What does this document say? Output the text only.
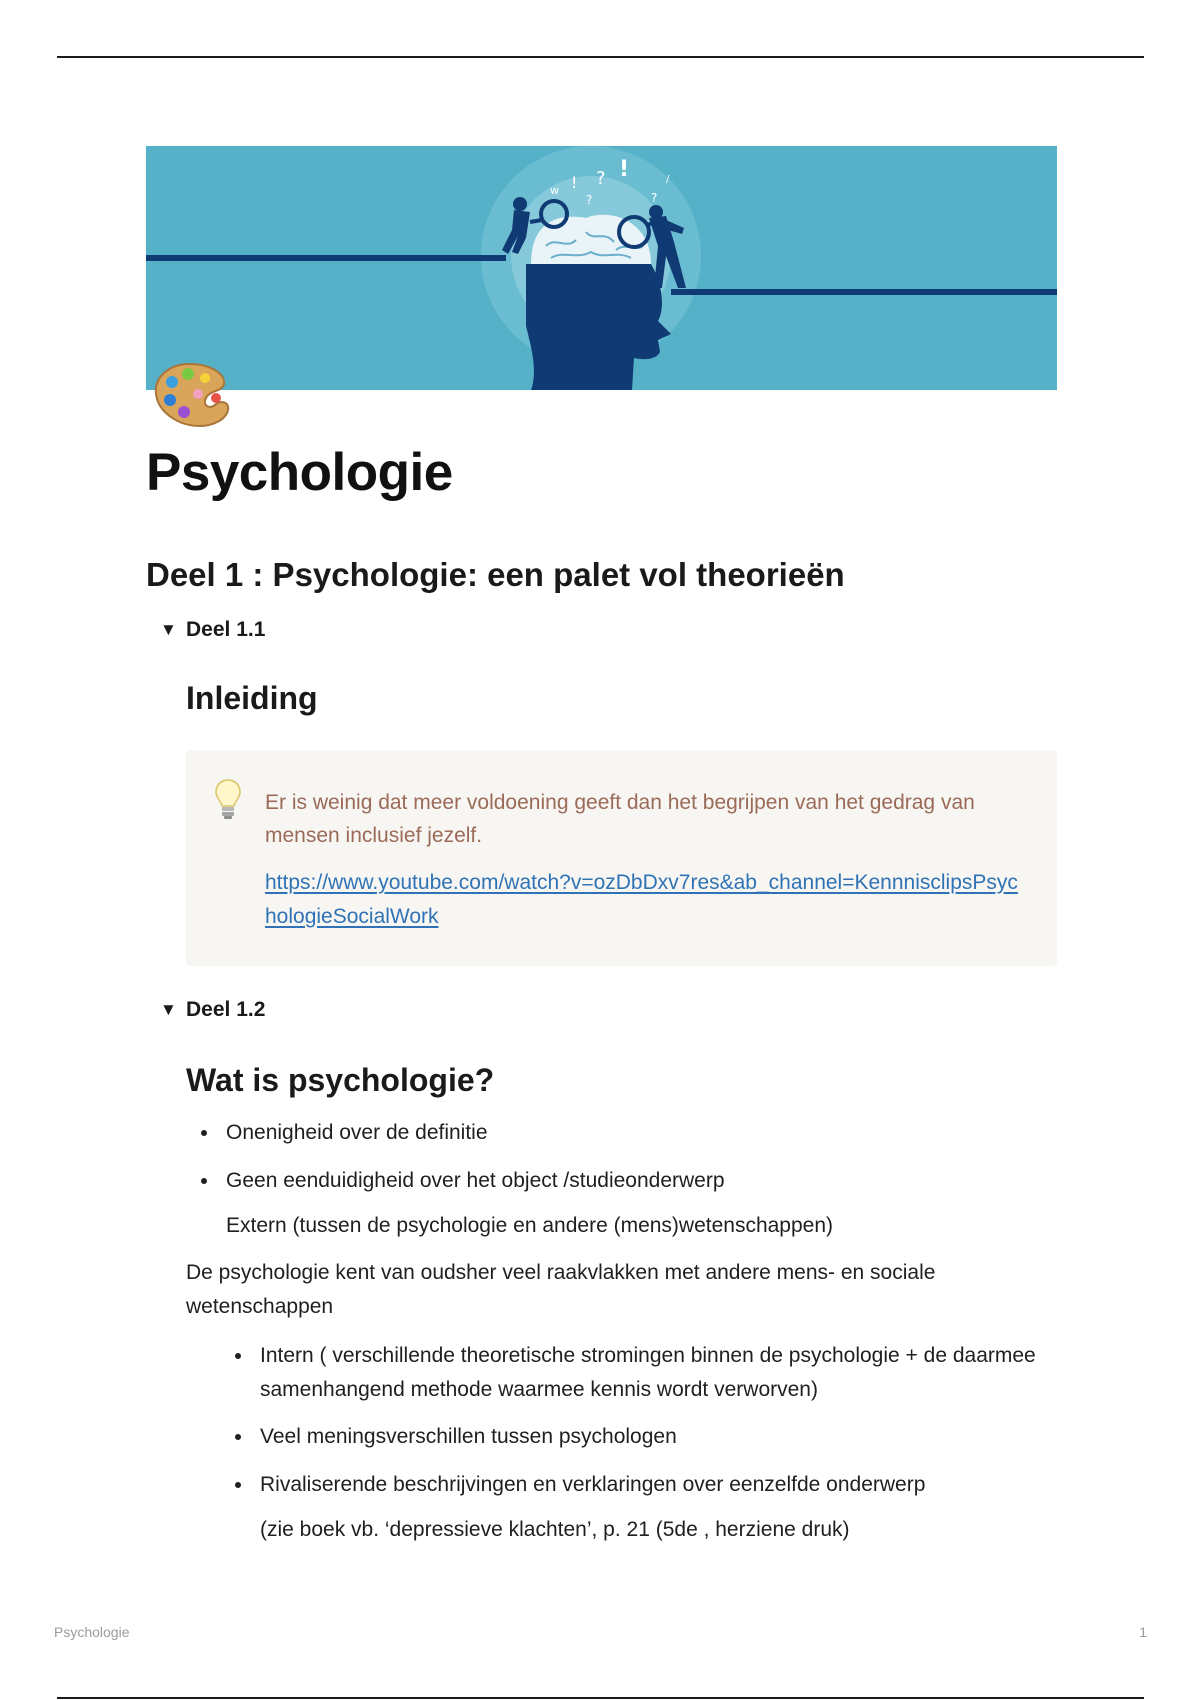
? !
!
w
?
?
/
Psychologie
Deel 1 : Psychologie: een palet vol theorieën
▼ Deel 1.1
Inleiding
Er is weinig dat meer voldoening geeft dan het begrijpen van het gedrag van mensen inclusief jezelf.
https://www.youtube.com/watch?v=ozDbDxv7res&ab_channel=KennnisclipsPsychologieSocialWork
▼ Deel 1.2
Wat is psychologie?
Onenigheid over de definitie
Geen eenduidigheid over het object /studieonderwerp
Extern (tussen de psychologie en andere (mens)wetenschappen)
De psychologie kent van oudsher veel raakvlakken met andere mens- en sociale wetenschappen
Intern ( verschillende theoretische stromingen binnen de psychologie + de daarmee samenhangend methode waarmee kennis wordt verworven)
Veel meningsverschillen tussen psychologen
Rivaliserende beschrijvingen en verklaringen over eenzelfde onderwerp
(zie boek vb. ‘depressieve klachten’, p. 21 (5de , herziene druk)
Psychologie	1
